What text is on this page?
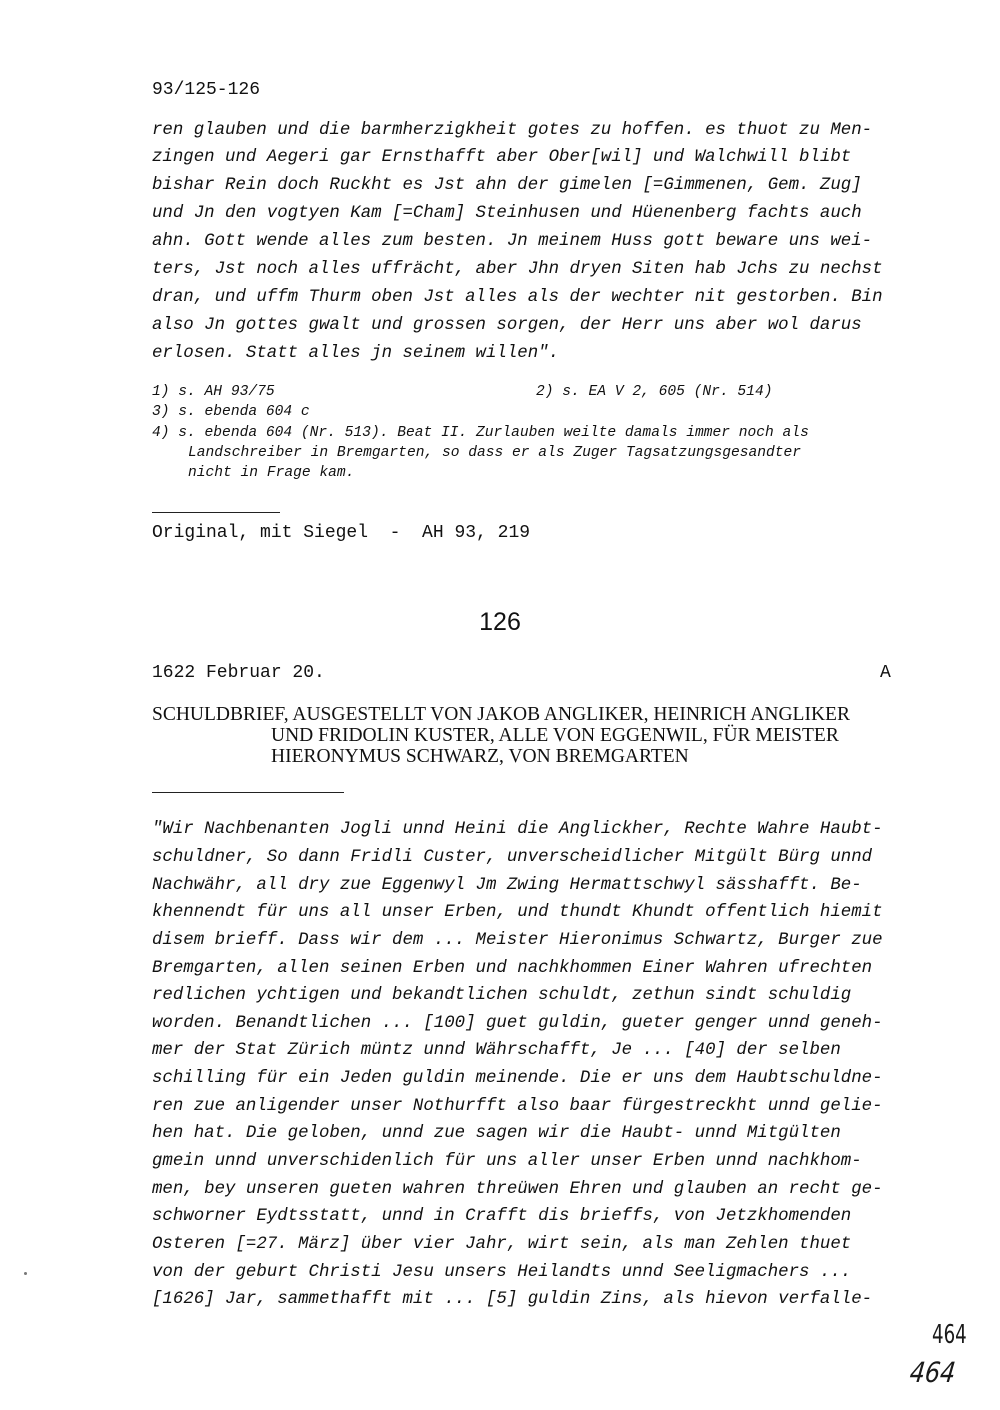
93/125-126
ren glauben und die barmherzigkheit gotes zu hoffen. es thuot zu Men-
zingen und Aegeri gar Ernsthafft aber Ober[wil] und Walchwill blibt
bishar Rein doch Ruckht es Jst ahn der gimelen [=Gimmenen, Gem. Zug]
und Jn den vogtyen Kam [=Cham] Steinhusen und Hüenenberg fachts auch
ahn. Gott wende alles zum besten. Jn meinem Huss gott beware uns wei-
ters, Jst noch alles uffrächt, aber Jhn dryen Siten hab Jchs zu nechst
dran, und uffm Thurm oben Jst alles als der wechter nit gestorben. Bin
also Jn gottes gwalt und grossen sorgen, der Herr uns aber wol darus
erlosen. Statt alles jn seinem willen".
1) s. AH 93/75	2) s. EA V 2, 605 (Nr. 514)
3) s. ebenda 604 c
4) s. ebenda 604 (Nr. 513). Beat II. Zurlauben weilte damals immer noch als
Landschreiber in Bremgarten, so dass er als Zuger Tagsatzungsgesandter
nicht in Frage kam.
Original, mit Siegel  -  AH 93, 219
126
1622 Februar 20.	A
SCHULDBRIEF, AUSGESTELLT VON JAKOB ANGLIKER, HEINRICH ANGLIKER
UND FRIDOLIN KUSTER, ALLE VON EGGENWIL, FÜR MEISTER
HIERONYMUS SCHWARZ, VON BREMGARTEN
"Wir Nachbenanten Jogli unnd Heini die Anglickher, Rechte Wahre Haubt-
schuldner, So dann Fridli Custer, unverscheidlicher Mitgült Bürg unnd
Nachwähr, all dry zue Eggenwyl Jm Zwing Hermattschwyl sässhafft. Be-
khennendt für uns all unser Erben, und thundt Khundt offentlich hiemit
disem brieff. Dass wir dem ... Meister Hieronimus Schwartz, Burger zue
Bremgarten, allen seinen Erben und nachkhommen Einer Wahren ufrechten
redlichen ychtigen und bekandtlichen schuldt, zethun sindt schuldig
worden. Benandtlichen ... [100] guet guldin, gueter genger unnd geneh-
mer der Stat Zürich müntz unnd Währschafft, Je ... [40] der selben
schilling für ein Jeden guldin meinende. Die er uns dem Haubtschuldne-
ren zue anligender unser Nothurfft also baar fürgestreckht unnd gelie-
hen hat. Die geloben, unnd zue sagen wir die Haubt- unnd Mitgülten
gmein unnd unverschidenlich für uns aller unser Erben unnd nachkhom-
men, bey unseren gueten wahren threüwen Ehren und glauben an recht ge-
schworner Eydtsstatt, unnd in Crafft dis brieffs, von Jetzkhomenden
Osteren [=27. März] über vier Jahr, wirt sein, als man Zehlen thuet
von der geburt Christi Jesu unsers Heilandts unnd Seeligmachers ...
[1626] Jar, sammethafft mit ... [5] guldin Zins, als hievon verfalle-
464
464
